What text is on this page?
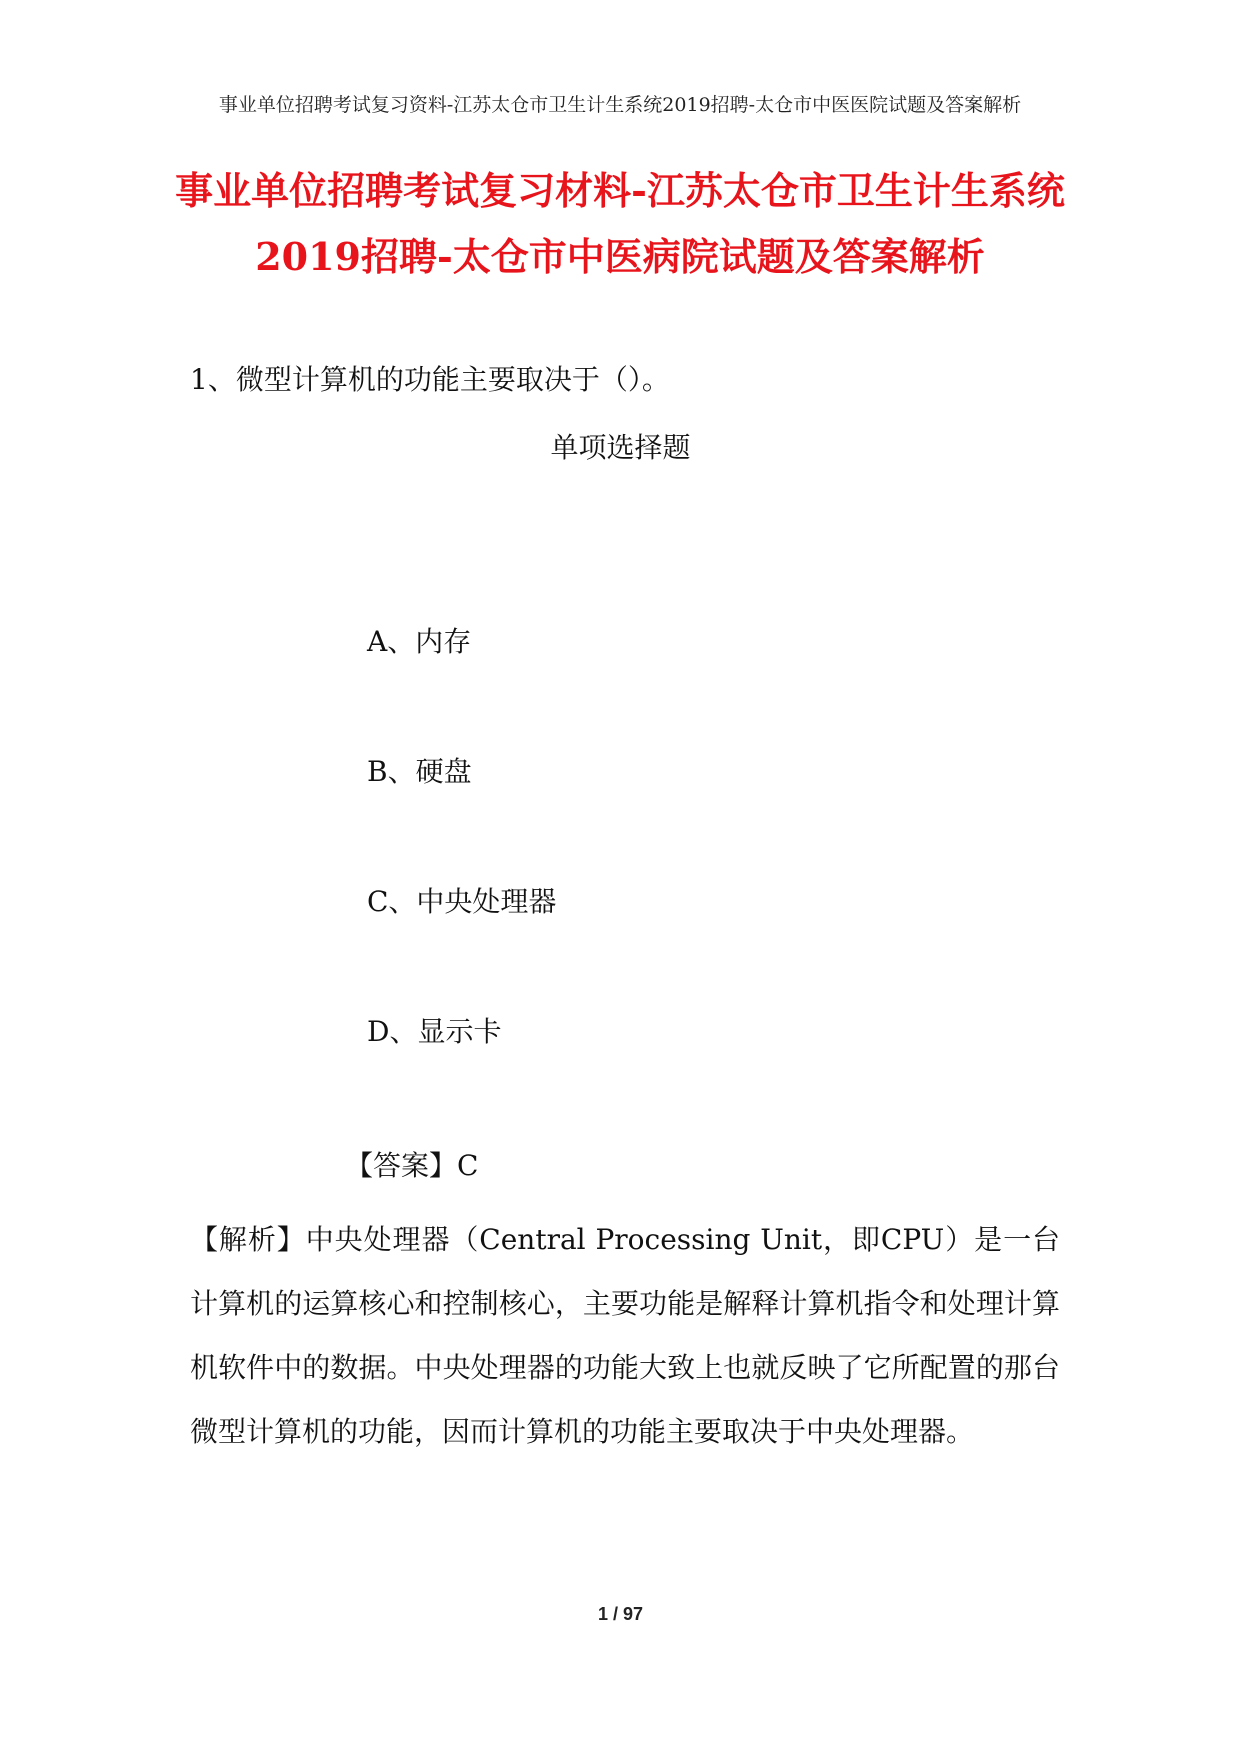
事业单位招聘考试复习资料-江苏太仓市卫生计生系统2019招聘-太仓市中医医院试题及答案解析
事业单位招聘考试复习材料-江苏太仓市卫生计生系统2019招聘-太仓市中医病院试题及答案解析
1、微型计算机的功能主要取决于（）。
单项选择题
A、内存
B、硬盘
C、中央处理器
D、显示卡
【答案】C
【解析】中央处理器（Central Processing Unit，即CPU）是一台计算机的运算核心和控制核心，主要功能是解释计算机指令和处理计算机软件中的数据。中央处理器的功能大致上也就反映了它所配置的那台微型计算机的功能，因而计算机的功能主要取决于中央处理器。
1 / 97
